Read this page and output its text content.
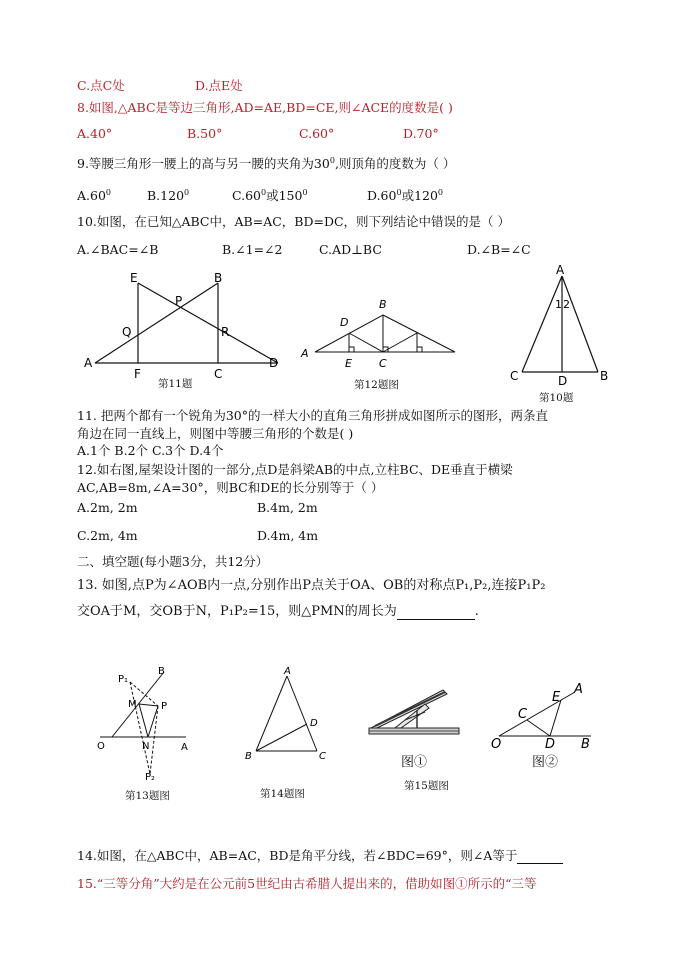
C.点C处	D.点E处
8.如图,△ABC是等边三角形,AD=AE,BD=CE,则∠ACE的度数是( )
A.40°	B.50°	C.60°	D.70°
9.等腰三角形一腰上的高与另一腰的夹角为$30^0$,则顶角的度数为（ ）
$A.60^0$	B.120$^0$	$C.60^0$或$150^0$	$D.60^0$或$120^0$
10.如图，在已知△ABC中，AB=AC，BD=DC，则下列结论中错误的是（ ）
A.∠BAC=∠B	B.∠1=∠2	C.AD⊥BC	D.∠B=∠C
E	B
P
Q	R
A
F	C
D
第11题
A
B
C
D
E
第12题图
A
1 2
C	D	B
第10题
11. 把两个都有一个锐角为30°的一样大小的直角三角形拼成如图所示的图形，两条直
角边在同一直线上，则图中等腰三角形的个数是( )
A.1个 B.2个 C.3个 D.4个
12.如右图,屋架设计图的一部分,点D是斜梁AB的中点,立柱BC、DE垂直于横梁
AC,AB=8m,∠A=30°，则BC和DE的长分别等于（ ）
A.2m, 2m	B.4m, 2m
C.2m, 4m	D.4m, 4m
二、填空题(每小题3分，共12分）
13. 如图,点P为∠AOB内一点,分别作出P点关于OA、OB的对称点P₁,P₂,连接P₁P₂
交OA于M，交OB于N，P₁P₂=15，则△PMN的周长为	.
P₁
B
M P
O	N	A
P₂
第13题图
A
B	C
D
第14题图
图①
第15题图
O
C
D B
E
A
图②
14.如图，在△ABC中，AB=AC，BD是角平分线，若∠BDC=69°，则∠A等于
15.“三等分角”大约是在公元前5世纪由古希腊人提出来的，借助如图①所示的“三等
